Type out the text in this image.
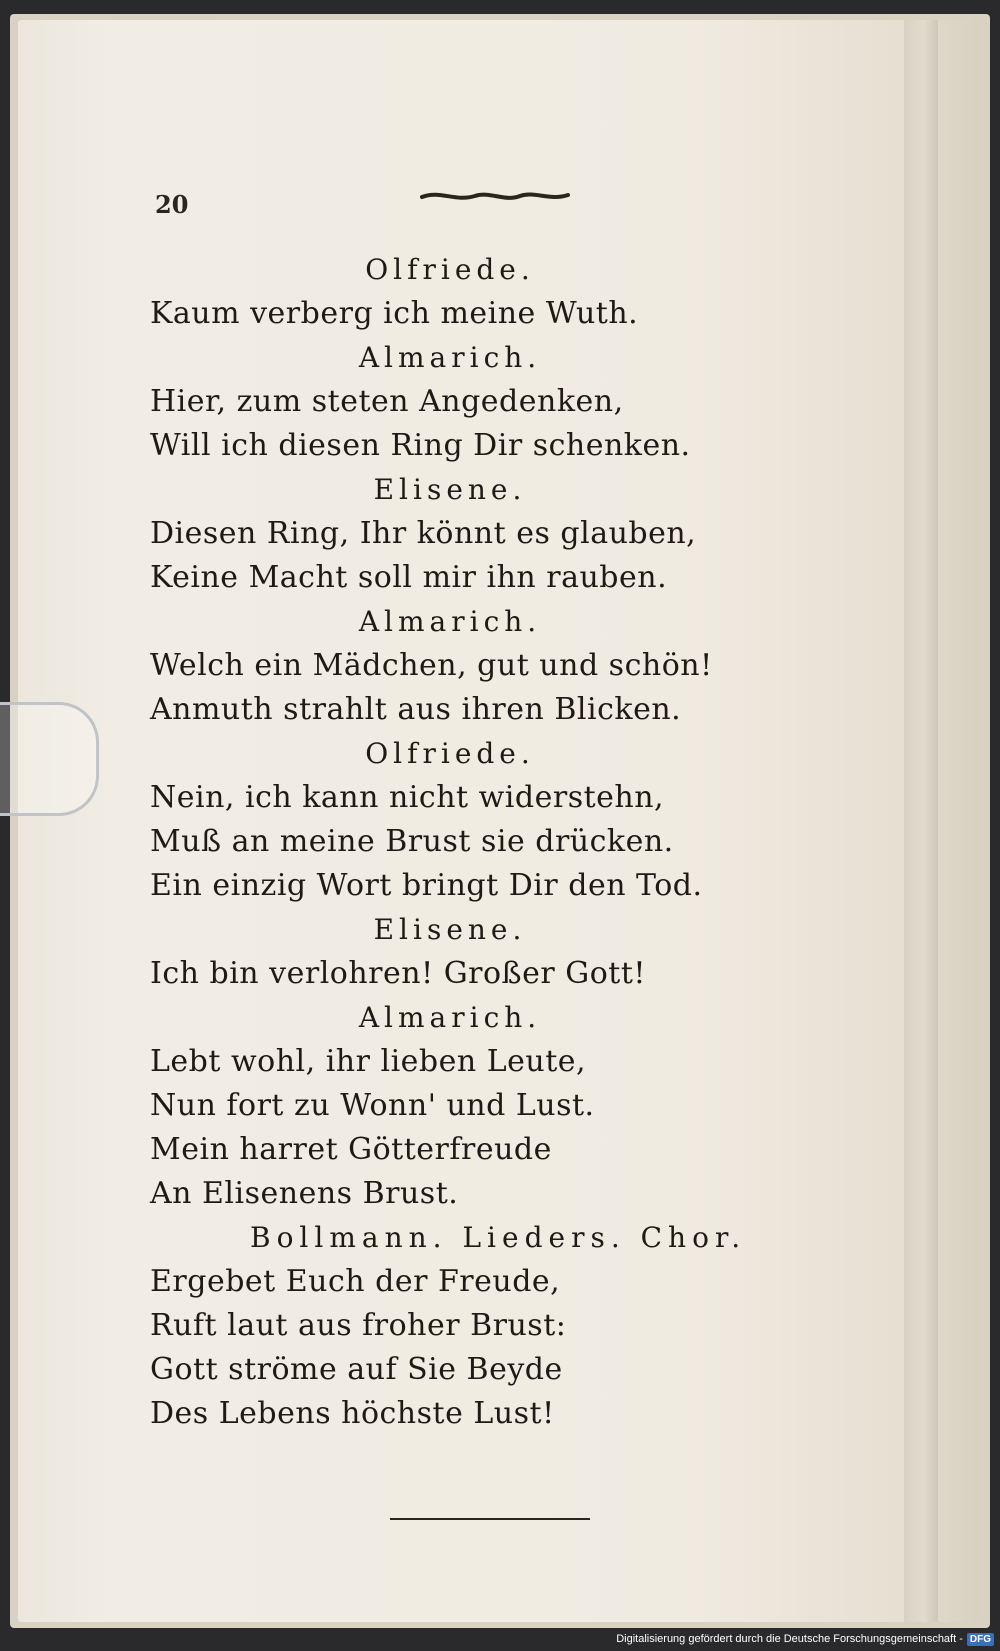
20
Olfriede.
Kaum verberg ich meine Wuth.
Almarich.
Hier, zum steten Angedenken,
Will ich diesen Ring Dir schenken.
Elisene.
Diesen Ring, Ihr könnt es glauben,
Keine Macht soll mir ihn rauben.
Almarich.
Welch ein Mädchen, gut und schön!
Anmuth strahlt aus ihren Blicken.
Olfriede.
Nein, ich kann nicht widerstehn,
Muß an meine Brust sie drücken.
Ein einzig Wort bringt Dir den Tod.
Elisene.
Ich bin verlohren! Großer Gott!
Almarich.
Lebt wohl, ihr lieben Leute,
Nun fort zu Wonn' und Lust.
Mein harret Götterfreude
An Elisenens Brust.
Bollmann. Lieders. Chor.
Ergebet Euch der Freude,
Ruft laut aus froher Brust:
Gott ströme auf Sie Beyde
Des Lebens höchste Lust!
Digitalisierung gefördert durch die Deutsche Forschungsgemeinschaft - DFG
